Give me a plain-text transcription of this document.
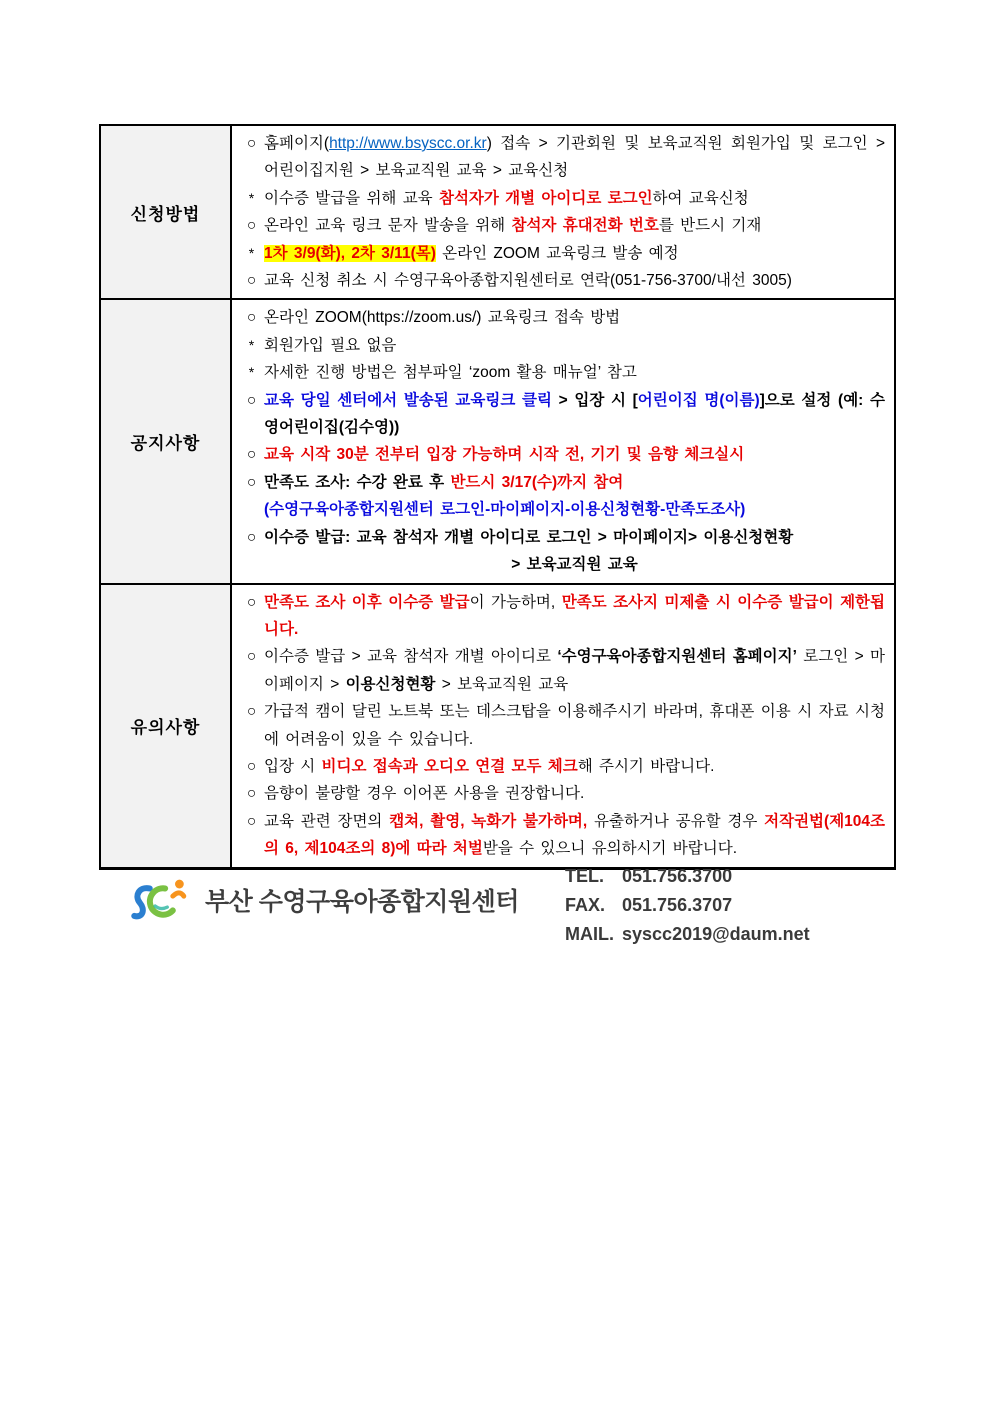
신청방법
○ 홈페이지(http://www.bsyscc.or.kr) 접속 > 기관회원 및 보육교직원 회원가입 및 로그인 > 어린이집지원 > 보육교직원 교육 > 교육신청
* 이수증 발급을 위해 교육 참석자가 개별 아이디로 로그인하여 교육신청
○ 온라인 교육 링크 문자 발송을 위해 참석자 휴대전화 번호를 반드시 기재
* 1차 3/9(화), 2차 3/11(목) 온라인 ZOOM 교육링크 발송 예정
○ 교육 신청 취소 시 수영구육아종합지원센터로 연락(051-756-3700/내선 3005)
공지사항
○ 온라인 ZOOM(https://zoom.us/) 교육링크 접속 방법
* 회원가입 필요 없음
* 자세한 진행 방법은 첨부파일 ‘zoom 활용 매뉴얼’ 참고
○ 교육 당일 센터에서 발송된 교육링크 클릭 > 입장 시 [어린이집 명(이름)]으로 설정 (예: 수영어린이집(김수영))
○ 교육 시작 30분 전부터 입장 가능하며 시작 전, 기기 및 음향 체크실시
○ 만족도 조사: 수강 완료 후 반드시 3/17(수)까지 참여
(수영구육아종합지원센터 로그인-마이페이지-이용신청현황-만족도조사)
○ 이수증 발급: 교육 참석자 개별 아이디로 로그인 > 마이페이지> 이용신청현황
> 보육교직원 교육
유의사항
○ 만족도 조사 이후 이수증 발급이 가능하며, 만족도 조사지 미제출 시 이수증 발급이 제한됩니다.
○ 이수증 발급 > 교육 참석자 개별 아이디로 ‘수영구육아종합지원센터 홈페이지’ 로그인 > 마이페이지 > 이용신청현황 > 보육교직원 교육
○ 가급적 캠이 달린 노트북 또는 데스크탑을 이용해주시기 바라며, 휴대폰 이용 시 자료 시청에 어려움이 있을 수 있습니다.
○ 입장 시 비디오 접속과 오디오 연결 모두 체크해 주시기 바랍니다.
○ 음향이 불량할 경우 이어폰 사용을 권장합니다.
○ 교육 관련 장면의 캡쳐, 촬영, 녹화가 불가하며, 유출하거나 공유할 경우 저작권법(제104조의 6, 제104조의 8)에 따라 처벌받을 수 있으니 유의하시기 바랍니다.
부산 수영구육아종합지원센터
TEL. 051.756.3700
FAX. 051.756.3707
MAIL. syscc2019@daum.net
